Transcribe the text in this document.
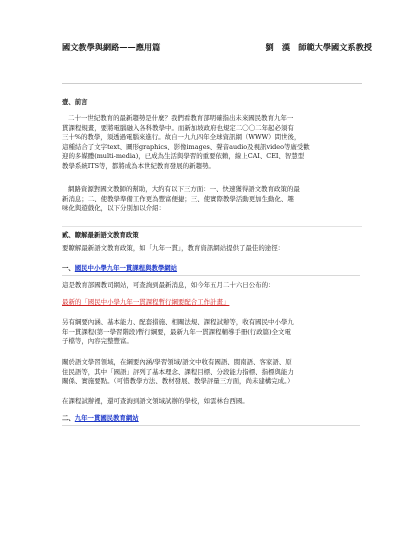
國文教學與網路——應用篇	劉　漢　師範大學國文系教授
壹、前言
二十一世紀教育的最新趨勢是什麼？我們看教育部明確指出未來國民教育九年一
貫課程規畫，要將電腦融入各科教學中。而新加坡政府也規定二〇〇二年起必須有
三十%的教學，須透過電腦來進行。故自一九九四年全球資訊網（WWW）問世後，
這種結合了文字text、圖形graphics、影像images、聲音audio及視訊video等廣受歡
迎的多媒體(multi-media)，已成為生活與學習的重要依賴，線上CAI、CEI、智慧型
教學系統ITS等，都將成為本世紀教育發展的新趨勢。
網路資源對國文教師的幫助，大約有以下三方面：一、快速獲得語文教育政策的最
新消息；二、使教學準備工作更為豐富便捷；三、使實際教學活動更加生動化、趣
味化與遊戲化，以下分別加以介紹：
貳、瞭解最新語文教育政策
要瞭解最新語文教育政策，如「九年一貫」，教育資訊網站提供了最佳的途徑：
一、國民中小學九年一貫課程與教學網站
這是教育部國教司網站，可查詢到最新消息，如今年五月二十六日公布的：
最新的「國民中小學九年一貫課程暫行綱要配合工作計畫」
另有綱要內涵、基本能力、配套措施、相關法規、課程試辦等，收有國民中小學九
年一貫課程(第一學習階段)暫行綱要，最新九年一貫課程輔導手冊(行政篇)全文電
子檔等，內容完整豐富。
關於語文學習領域，在綱要內涵/學習領域/語文中收有國語、閩南語、客家語、原
住民語等，其中「國語」評列了基本理念、課程目標、分段能力指標、指標與能力
關係、實施要點。（可惜教學方法、教材發展、教學評量三方面，尚未建構完成。）
在課程試辦裡，還可查詢到語文領域試辦的學校，如雲林台西國。
二、九年一貫國民教育網站
